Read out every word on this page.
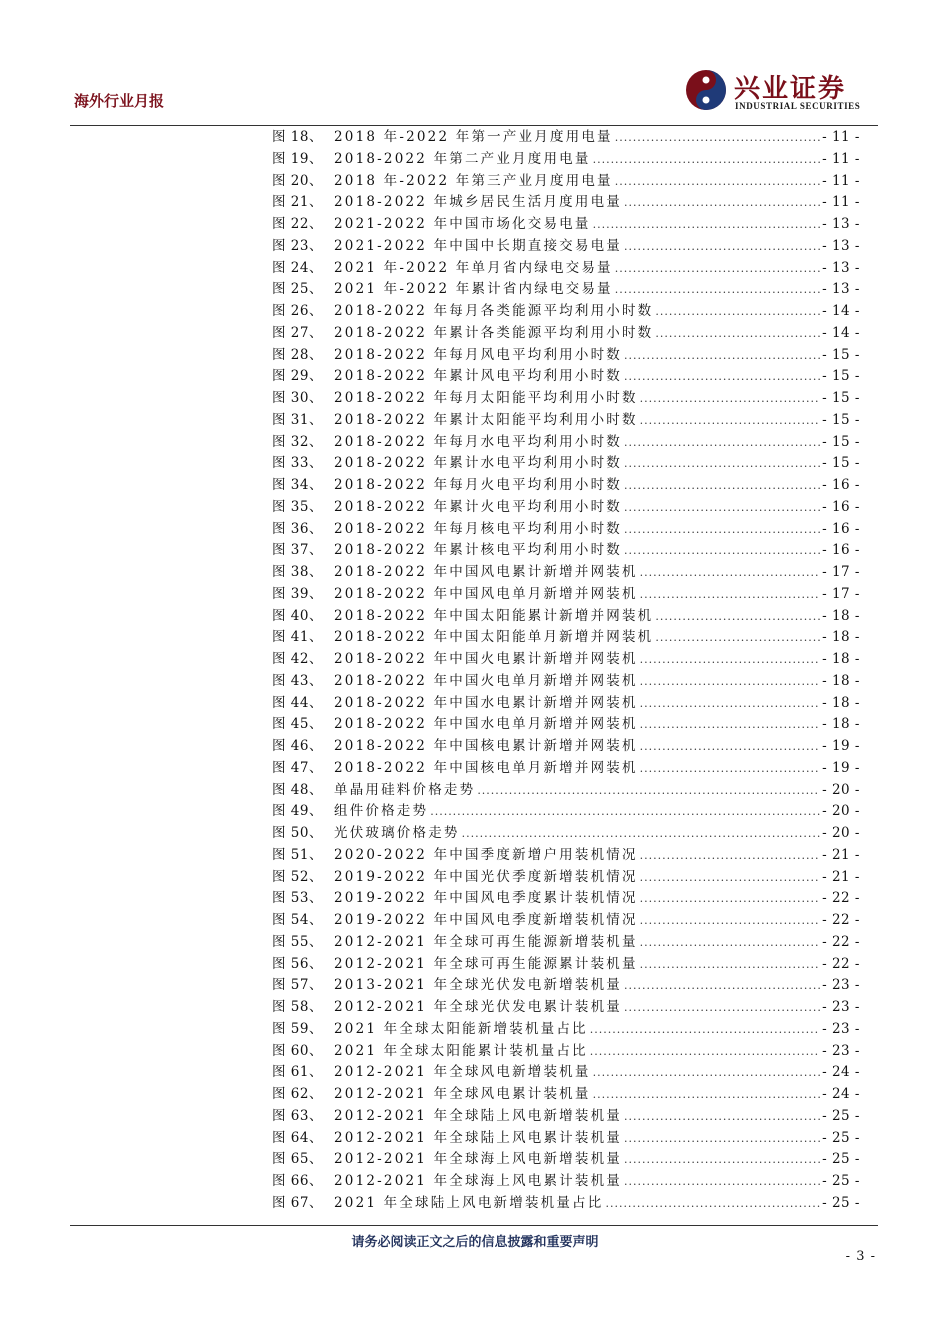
海外行业月报	兴业证券
INDUSTRIAL SECURITIES
图 18、 2018 年-2022 年第一产业月度用电量 .....	- 11 -
图 19、 2018-2022 年第二产业月度用电量 .....	- 11 -
图 20、 2018 年-2022 年第三产业月度用电量 .....	- 11 -
图 21、 2018-2022 年城乡居民生活月度用电量 .....	- 11 -
图 22、 2021-2022 年中国市场化交易电量 .....	- 13 -
图 23、 2021-2022 年中国中长期直接交易电量 .....	- 13 -
图 24、 2021 年-2022 年单月省内绿电交易量 .....	- 13 -
图 25、 2021 年-2022 年累计省内绿电交易量 .....	- 13 -
图 26、 2018-2022 年每月各类能源平均利用小时数 .....	- 14 -
图 27、 2018-2022 年累计各类能源平均利用小时数 .....	- 14 -
图 28、 2018-2022 年每月风电平均利用小时数 .....	- 15 -
图 29、 2018-2022 年累计风电平均利用小时数 .....	- 15 -
图 30、 2018-2022 年每月太阳能平均利用小时数 .....	- 15 -
图 31、 2018-2022 年累计太阳能平均利用小时数 .....	- 15 -
图 32、 2018-2022 年每月水电平均利用小时数 .....	- 15 -
图 33、 2018-2022 年累计水电平均利用小时数 .....	- 15 -
图 34、 2018-2022 年每月火电平均利用小时数 .....	- 16 -
图 35、 2018-2022 年累计火电平均利用小时数 .....	- 16 -
图 36、 2018-2022 年每月核电平均利用小时数 .....	- 16 -
图 37、 2018-2022 年累计核电平均利用小时数 .....	- 16 -
图 38、 2018-2022 年中国风电累计新增并网装机 .....	- 17 -
图 39、 2018-2022 年中国风电单月新增并网装机 .....	- 17 -
图 40、 2018-2022 年中国太阳能累计新增并网装机 .....	- 18 -
图 41、 2018-2022 年中国太阳能单月新增并网装机 .....	- 18 -
图 42、 2018-2022 年中国火电累计新增并网装机 .....	- 18 -
图 43、 2018-2022 年中国火电单月新增并网装机 .....	- 18 -
图 44、 2018-2022 年中国水电累计新增并网装机 .....	- 18 -
图 45、 2018-2022 年中国水电单月新增并网装机 .....	- 18 -
图 46、 2018-2022 年中国核电累计新增并网装机 .....	- 19 -
图 47、 2018-2022 年中国核电单月新增并网装机 .....	- 19 -
图 48、 单晶用硅料价格走势 .....	- 20 -
图 49、 组件价格走势 .....	- 20 -
图 50、 光伏玻璃价格走势 .....	- 20 -
图 51、 2020-2022 年中国季度新增户用装机情况 .....	- 21 -
图 52、 2019-2022 年中国光伏季度新增装机情况 .....	- 21 -
图 53、 2019-2022 年中国风电季度累计装机情况 .....	- 22 -
图 54、 2019-2022 年中国风电季度新增装机情况 .....	- 22 -
图 55、 2012-2021 年全球可再生能源新增装机量 .....	- 22 -
图 56、 2012-2021 年全球可再生能源累计装机量 .....	- 22 -
图 57、 2013-2021 年全球光伏发电新增装机量 .....	- 23 -
图 58、 2012-2021 年全球光伏发电累计装机量 .....	- 23 -
图 59、 2021 年全球太阳能新增装机量占比 .....	- 23 -
图 60、 2021 年全球太阳能累计装机量占比 .....	- 23 -
图 61、 2012-2021 年全球风电新增装机量 .....	- 24 -
图 62、 2012-2021 年全球风电累计装机量 .....	- 24 -
图 63、 2012-2021 年全球陆上风电新增装机量 .....	- 25 -
图 64、 2012-2021 年全球陆上风电累计装机量 .....	- 25 -
图 65、 2012-2021 年全球海上风电新增装机量 .....	- 25 -
图 66、 2012-2021 年全球海上风电累计装机量 .....	- 25 -
图 67、 2021 年全球陆上风电新增装机量占比 .....	- 25 -
请务必阅读正文之后的信息披露和重要声明
- 3 -
